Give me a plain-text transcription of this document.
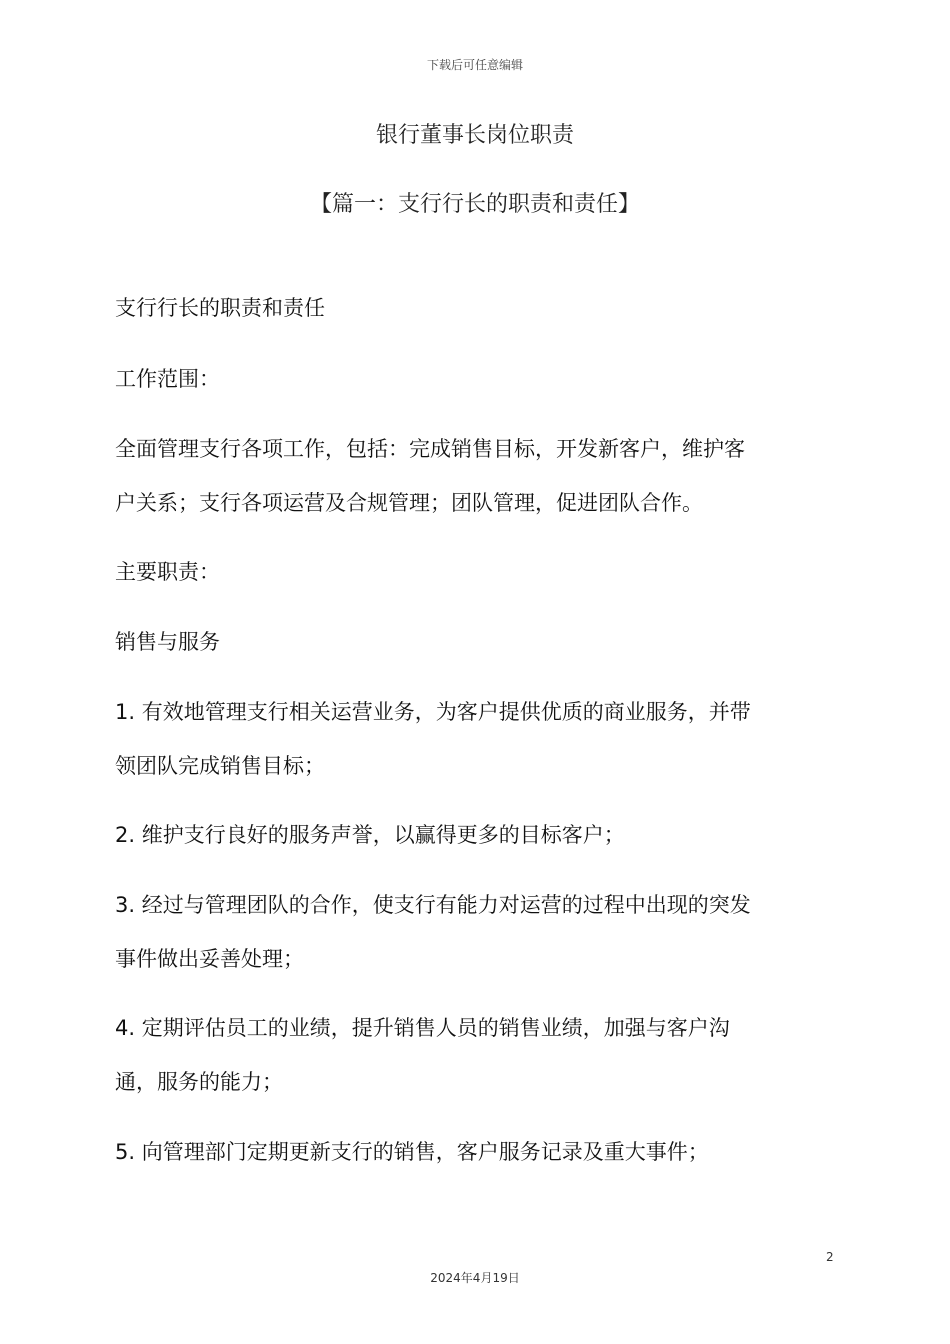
下载后可任意编辑
银行董事长岗位职责
【篇一：支行行长的职责和责任】
支行行长的职责和责任
工作范围：
全面管理支行各项工作，包括：完成销售目标，开发新客户，维护客
户关系；支行各项运营及合规管理；团队管理，促进团队合作。
主要职责：
销售与服务
1. 有效地管理支行相关运营业务，为客户提供优质的商业服务，并带
领团队完成销售目标；
2. 维护支行良好的服务声誉，以赢得更多的目标客户；
3. 经过与管理团队的合作，使支行有能力对运营的过程中出现的突发
事件做出妥善处理；
4. 定期评估员工的业绩，提升销售人员的销售业绩，加强与客户沟
通，服务的能力；
5. 向管理部门定期更新支行的销售，客户服务记录及重大事件；
2
2024年4月19日
